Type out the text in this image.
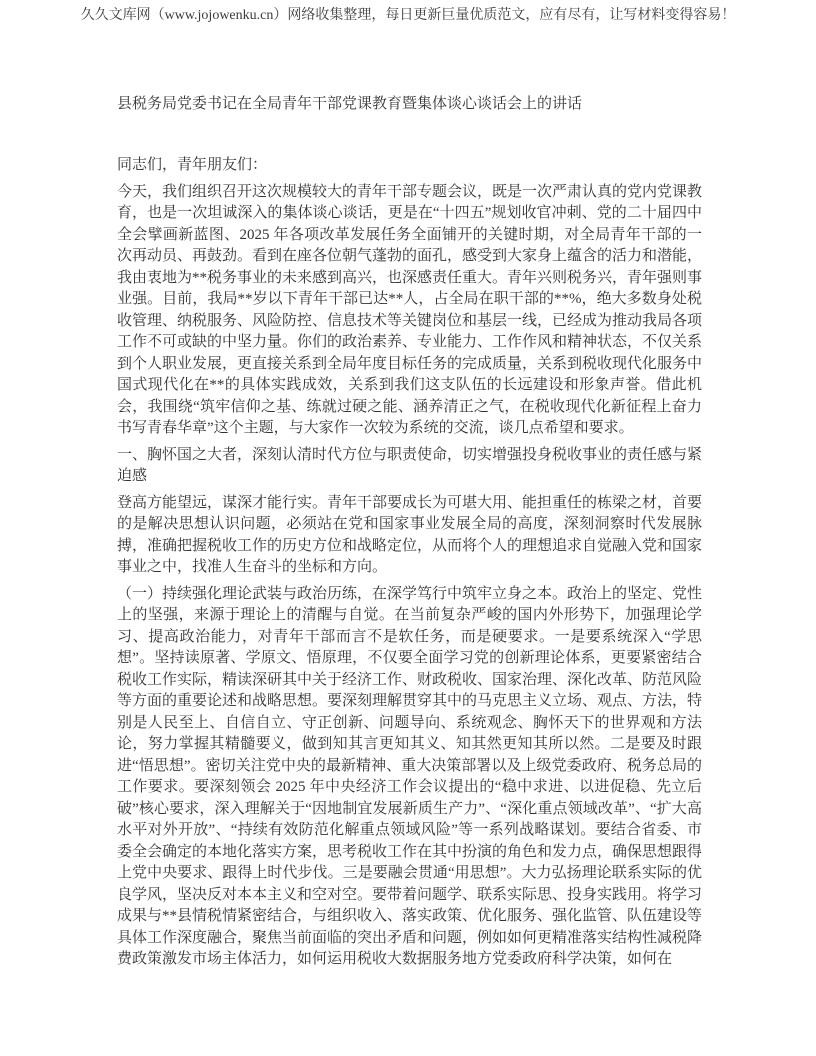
久久文库网（www.jojowenku.cn）网络收集整理，每日更新巨量优质范文，应有尽有，让写材料变得容易！
县税务局党委书记在全局青年干部党课教育暨集体谈心谈话会上的讲话

同志们，青年朋友们：

今天，我们组织召开这次规模较大的青年干部专题会议，既是一次严肃认真的党内党课教育，也是一次坦诚深入的集体谈心谈话，更是在“十四五”规划收官冲刺、党的二十届四中全会擘画新蓝图、2025 年各项改革发展任务全面铺开的关键时期，对全局青年干部的一次再动员、再鼓劲。看到在座各位朝气蓬勃的面孔，感受到大家身上蕴含的活力和潜能，我由衷地为**税务事业的未来感到高兴，也深感责任重大。青年兴则税务兴，青年强则事业强。目前，我局**岁以下青年干部已达**人，占全局在职干部的**%，绝大多数身处税收管理、纳税服务、风险防控、信息技术等关键岗位和基层一线，已经成为推动我局各项工作不可或缺的中坚力量。你们的政治素养、专业能力、工作作风和精神状态，不仅关系到个人职业发展，更直接关系到全局年度目标任务的完成质量，关系到税收现代化服务中国式现代化在**的具体实践成效，关系到我们这支队伍的长远建设和形象声誉。借此机会，我围绕“筑牢信仰之基、练就过硬之能、涵养清正之气，在税收现代化新征程上奋力书写青春华章”这个主题，与大家作一次较为系统的交流，谈几点希望和要求。

一、胸怀国之大者，深刻认清时代方位与职责使命，切实增强投身税收事业的责任感与紧迫感

登高方能望远，谋深才能行实。青年干部要成长为可堪大用、能担重任的栋梁之材，首要的是解决思想认识问题，必须站在党和国家事业发展全局的高度，深刻洞察时代发展脉搏，准确把握税收工作的历史方位和战略定位，从而将个人的理想追求自觉融入党和国家事业之中，找准人生奋斗的坐标和方向。

（一）持续强化理论武装与政治历练，在深学笃行中筑牢立身之本。政治上的坚定、党性上的坚强，来源于理论上的清醒与自觉。在当前复杂严峻的国内外形势下，加强理论学习、提高政治能力，对青年干部而言不是软任务，而是硬要求。一是要系统深入“学思想”。坚持读原著、学原文、悟原理，不仅要全面学习党的创新理论体系，更要紧密结合税收工作实际，精读深研其中关于经济工作、财政税收、国家治理、深化改革、防范风险等方面的重要论述和战略思想。要深刻理解贯穿其中的马克思主义立场、观点、方法，特别是人民至上、自信自立、守正创新、问题导向、系统观念、胸怀天下的世界观和方法论，努力掌握其精髓要义，做到知其言更知其义、知其然更知其所以然。二是要及时跟进“悟思想”。密切关注党中央的最新精神、重大决策部署以及上级党委政府、税务总局的工作要求。要深刻领会 2025 年中央经济工作会议提出的“稳中求进、以进促稳、先立后破”核心要求，深入理解关于“因地制宜发展新质生产力”、“深化重点领域改革”、“扩大高水平对外开放”、“持续有效防范化解重点领域风险”等一系列战略谋划。要结合省委、市委全会确定的本地化落实方案，思考税收工作在其中扮演的角色和发力点，确保思想跟得上党中央要求、跟得上时代步伐。三是要融会贯通“用思想”。大力弘扬理论联系实际的优良学风，坚决反对本本主义和空对空。要带着问题学、联系实际思、投身实践用。将学习成果与**县情税情紧密结合，与组织收入、落实政策、优化服务、强化监管、队伍建设等具体工作深度融合，聚焦当前面临的突出矛盾和问题，例如如何更精准落实结构性减税降费政策激发市场主体活力，如何运用税收大数据服务地方党委政府科学决策，如何在
